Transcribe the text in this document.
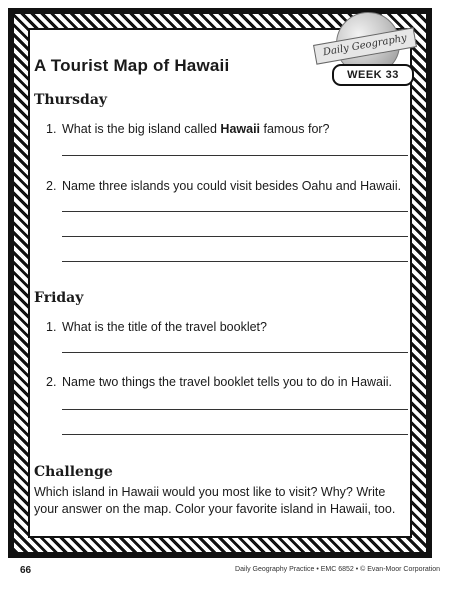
A Tourist Map of Hawaii
Daily Geography
WEEK 33
Thursday
1. What is the big island called Hawaii famous for?
2. Name three islands you could visit besides Oahu and Hawaii.
Friday
1. What is the title of the travel booklet?
2. Name two things the travel booklet tells you to do in Hawaii.
Challenge
Which island in Hawaii would you most like to visit? Why? Write your answer on the map. Color your favorite island in Hawaii, too.
66	Daily Geography Practice • EMC 6852 • © Evan-Moor Corporation
